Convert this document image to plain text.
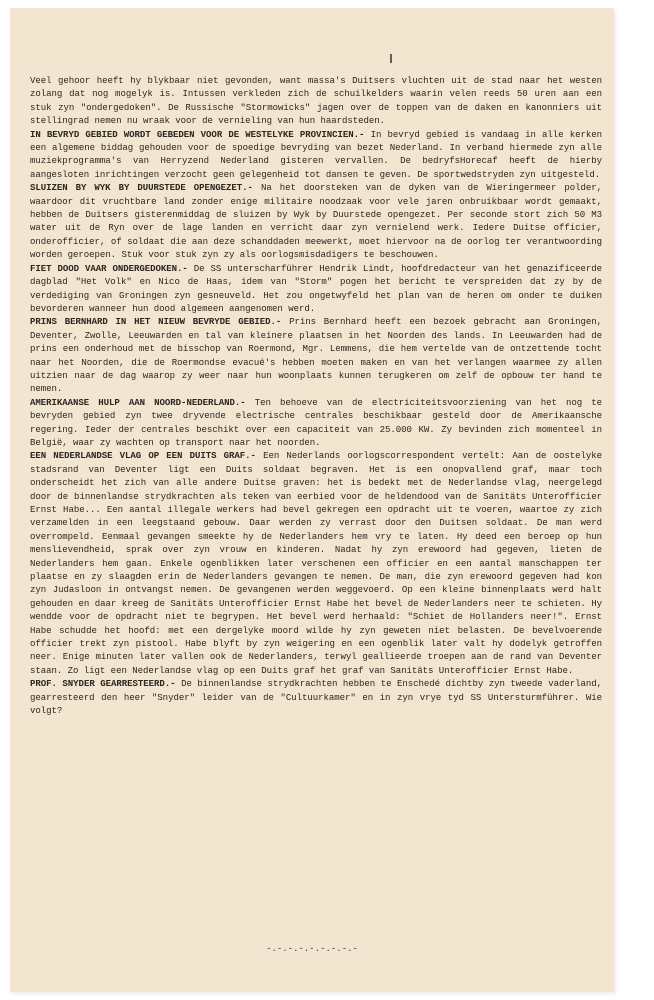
Veel gehoor heeft hy blykbaar niet gevonden, want massa's Duitsers vluchten uit de stad naar het westen zolang dat nog mogelyk is. Intussen verkleden zich de schuilkelders waarin velen reeds 50 uren aan een stuk zyn "ondergedoken". De Russische "Stormowicks" jagen over de toppen van de daken en kanonniers uit stellingrad nemen nu wraak voor de vernieling van hun haardsteden.

IN BEVRYD GEBIED WORDT GEBEDEN VOOR DE WESTELYKE PROVINCIEN.- In bevryd gebied is vandaag in alle kerken een algemene biddag gehouden voor de spoedige bevryding van bezet Nederland. In verband hiermede zyn alle muziekprogramma's van Herryzend Nederland gisteren vervallen. De bedryfsHorecaf heeft de hierby aangesloten inrichtingen verzocht geen gelegenheid tot dansen te geven. De sportwedstryden zyn uitgesteld.

SLUIZEN BY WYK BY DUURSTEDE OPENGEZET.- Na het doorsteken van de dyken van de Wieringermeer polder, waardoor dit vruchtbare land zonder enige militaire noodzaak voor vele jaren onbruikbaar wordt gemaakt, hebben de Duitsers gisterenmiddag de sluizen by Wyk by Duurstede opengezet. Per seconde stort zich 50 M3 water uit de Ryn over de lage landen en verricht daar zyn vernielend werk. Iedere Duitse officier, onderofficier, of soldaat die aan deze schanddaden meewerkt, moet hiervoor na de oorlog ter verantwoording worden geroepen. Stuk voor stuk zyn zy als oorlogsmisdadigers te beschouwen.

FIET DOOD VAAR ONDERGEDOKEN.- De SS unterscharführer Hendrik Lindt, hoofdredacteur van het genazificeerde dagblad "Het Volk" en Nico de Haas, idem van "Storm" pogen het bericht te verspreiden dat zy by de verdediging van Groningen zyn gesneuveld. Het zou ongetwyfeld het plan van de heren om onder te duiken bevorderen wanneer hun dood algemeen aangenomen werd.

PRINS BERNHARD IN HET NIEUW BEVRYDE GEBIED.- Prins Bernhard heeft een bezoek gebracht aan Groningen, Deventer, Zwolle, Leeuwarden en tal van kleinere plaatsen in het Noorden des lands. In Leeuwarden had de prins een onderhoud met de bisschop van Roermond, Mgr. Lemmens, die hem vertelde van de ontzettende tocht naar het Noorden, die de Roermondse evacué's hebben moeten maken en van het verlangen waarmee zy allen uitzien naar de dag waarop zy weer naar hun woonplaats kunnen terugkeren om zelf de opbouw ter hand te nemen.

AMERIKAANSE HULP AAN NOORD-NEDERLAND.- Ten behoeve van de electriciteitsvoorziening van het nog te bevryden gebied zyn twee dryvende electrische centrales beschikbaar gesteld door de Amerikaansche regering. Ieder der centrales beschikt over een capaciteit van 25.000 KW. Zy bevinden zich momenteel in België, waar zy wachten op transport naar het noorden.

EEN NEDERLANDSE VLAG OP EEN DUITS GRAF.- Een Nederlands oorlogscorrespondent vertelt: Aan de oostelyke stadsrand van Deventer ligt een Duits soldaat begraven. Het is een onopvallend graf, maar toch onderscheidt het zich van alle andere Duitse graven: het is bedekt met de Nederlandse vlag, neergelegd door de binnenlandse strydkrachten als teken van eerbied voor de heldendood van de Sanitäts Unterofficier Ernst Habe... Een aantal illegale werkers had bevel gekregen een opdracht uit te voeren, waartoe zy zich verzamelden in een leegstaand gebouw. Daar werden zy verrast door den Duitsen soldaat. De man werd overrompeld. Eenmaal gevangen smeekte hy de Nederlanders hem vry te laten. Hy deed een beroep op hun menslievendheid, sprak over zyn vrouw en kinderen. Nadat hy zyn erewoord had gegeven, lieten de Nederlanders hem gaan. Enkele ogenblikken later verschenen een officier en een aantal manschappen ter plaatse en zy slaagden erin de Nederlanders gevangen te nemen. De man, die zyn erewoord gegeven had kon zyn Judasloon in ontvangst nemen. De gevangenen werden weggevoerd. Op een kleine binnenplaats werd halt gehouden en daar kreeg de Sanitäts Unterofficier Ernst Habe het bevel de Nederlanders neer te schieten. Hy wendde voor de opdracht niet te begrypen. Het bevel werd herhaald: "Schiet de Hollanders neer!". Ernst Habe schudde het hoofd: met een dergelyke moord wilde hy zyn geweten niet belasten. De bevelvoerende officier trekt zyn pistool. Habe blyft by zyn weigering en een ogenblik later valt hy dodelyk getroffen neer. Enige minuten later vallen ook de Nederlanders, terwyl geallieerde troepen aan de rand van Deventer staan. Zo ligt een Nederlandse vlag op een Duits graf het graf van Sanitäts Unterofficier Ernst Habe.

PROF. SNYDER GEARRESTEERD.- De binnenlandse strydkrachten hebben te Enschedé dichtby zyn tweede vaderland, gearresteerd den heer "Snyder" leider van de "Cultuurkamer" en in zyn vrye tyd SS Untersturmführer. Wie volgt?

-.-.-.-.-.-.-.-.-
